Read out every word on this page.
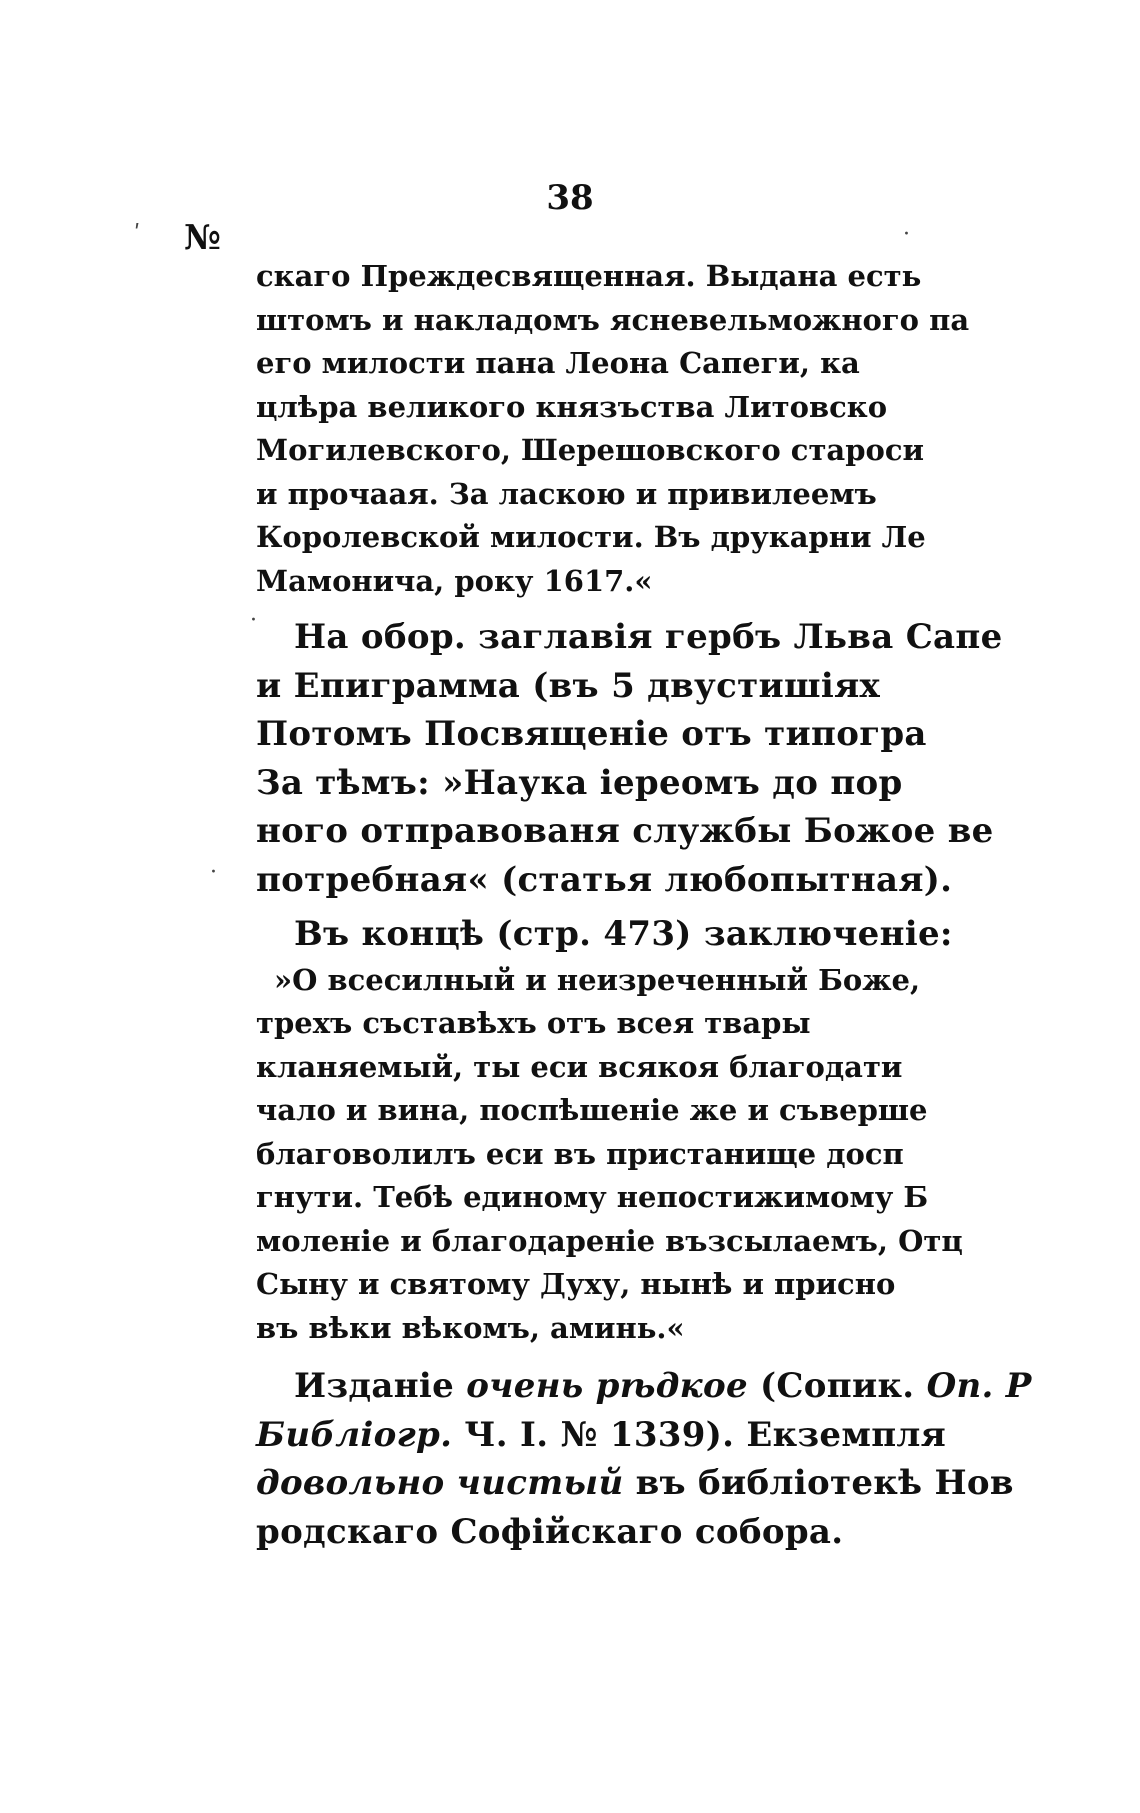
38
№
ʹ	·
·
·
скаго Преждесвященная. Выдана есть
штомъ и накладомъ ясневельможного па
его милости пана Леона Сапеги, ка
цлѣра великого князъства Литовско
Могилевского, Шерешовского староси
и прочаая. За ласкою и привилеемъ
Королевской милости. Въ друкарни Ле
Мамонича, року 1617.«
На обор. заглавія гербъ Льва Сапе
и Епиграмма (въ 5 двустишіях
Потомъ Посвященіе отъ типогра
За тѣмъ: »Наука іереомъ до пор
ного отправованя службы Божое ве
потребная« (статья любопытная).
Въ концѣ (стр. 473) заключеніе:
»О всесилный и неизреченный Боже,
трехъ съставѣхъ отъ всея твары
кланяемый, ты еси всякоя благодати
чало и вина, поспѣшеніе же и съверше
благоволилъ еси въ пристанище досп
гнути. Тебѣ единому непостижимому Б
моленіе и благодареніе възсылаемъ, Отц
Сыну и святому Духу, нынѣ и присно
въ вѣки вѣкомъ, аминь.«
Изданіе очень рѣдкое (Сопик. Оп. Р
Библіогр. Ч. I. № 1339). Екземпля
довольно чистый въ библіотекѣ Нов
родскаго Софійскаго собора.
